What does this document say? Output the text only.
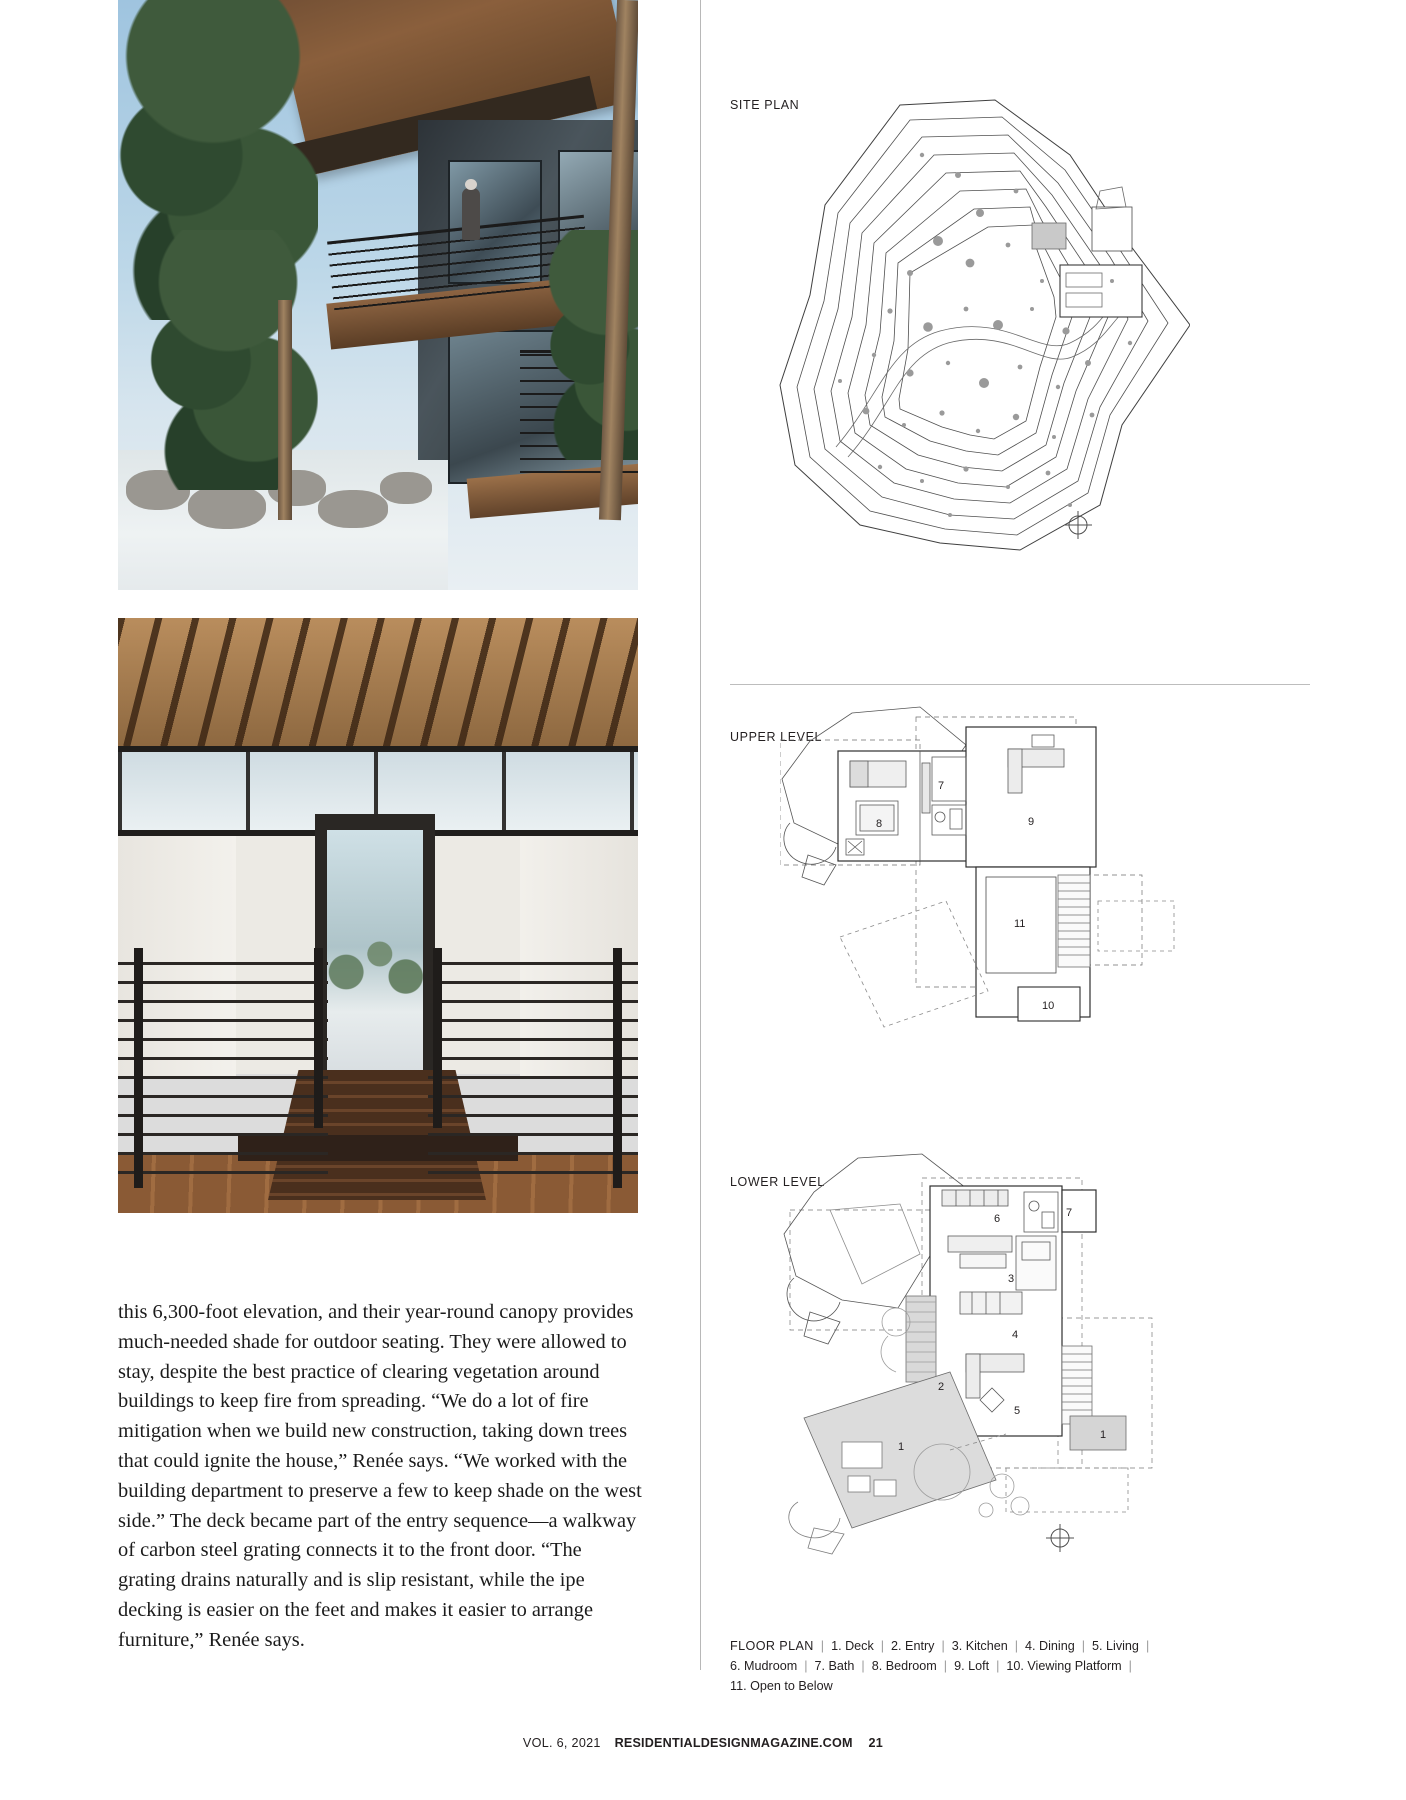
this 6,300-foot elevation, and their year-round canopy provides much-needed shade for outdoor seating. They were allowed to stay, despite the best practice of clearing vegetation around buildings to keep fire from spreading. “We do a lot of fire mitigation when we build new construction, taking down trees that could ignite the house,” Renée says. “We worked with the building department to preserve a few to keep shade on the west side.” The deck became part of the entry sequence—a walkway of carbon steel grating connects it to the front door. “The grating drains naturally and is slip resistant, while the ipe decking is easier on the feet and makes it easier to arrange furniture,” Renée says.
SITE PLAN
UPPER LEVEL
7
8	9
10
11
LOWER LEVEL
6	7
3
4
5
2
1
1
FLOOR PLAN | 1. Deck | 2. Entry | 3. Kitchen | 4. Dining | 5. Living |
6. Mudroom | 7. Bath | 8. Bedroom | 9. Loft | 10. Viewing Platform |
11. Open to Below
VOL. 6, 2021 RESIDENTIALDESIGNMAGAZINE.COM 21
